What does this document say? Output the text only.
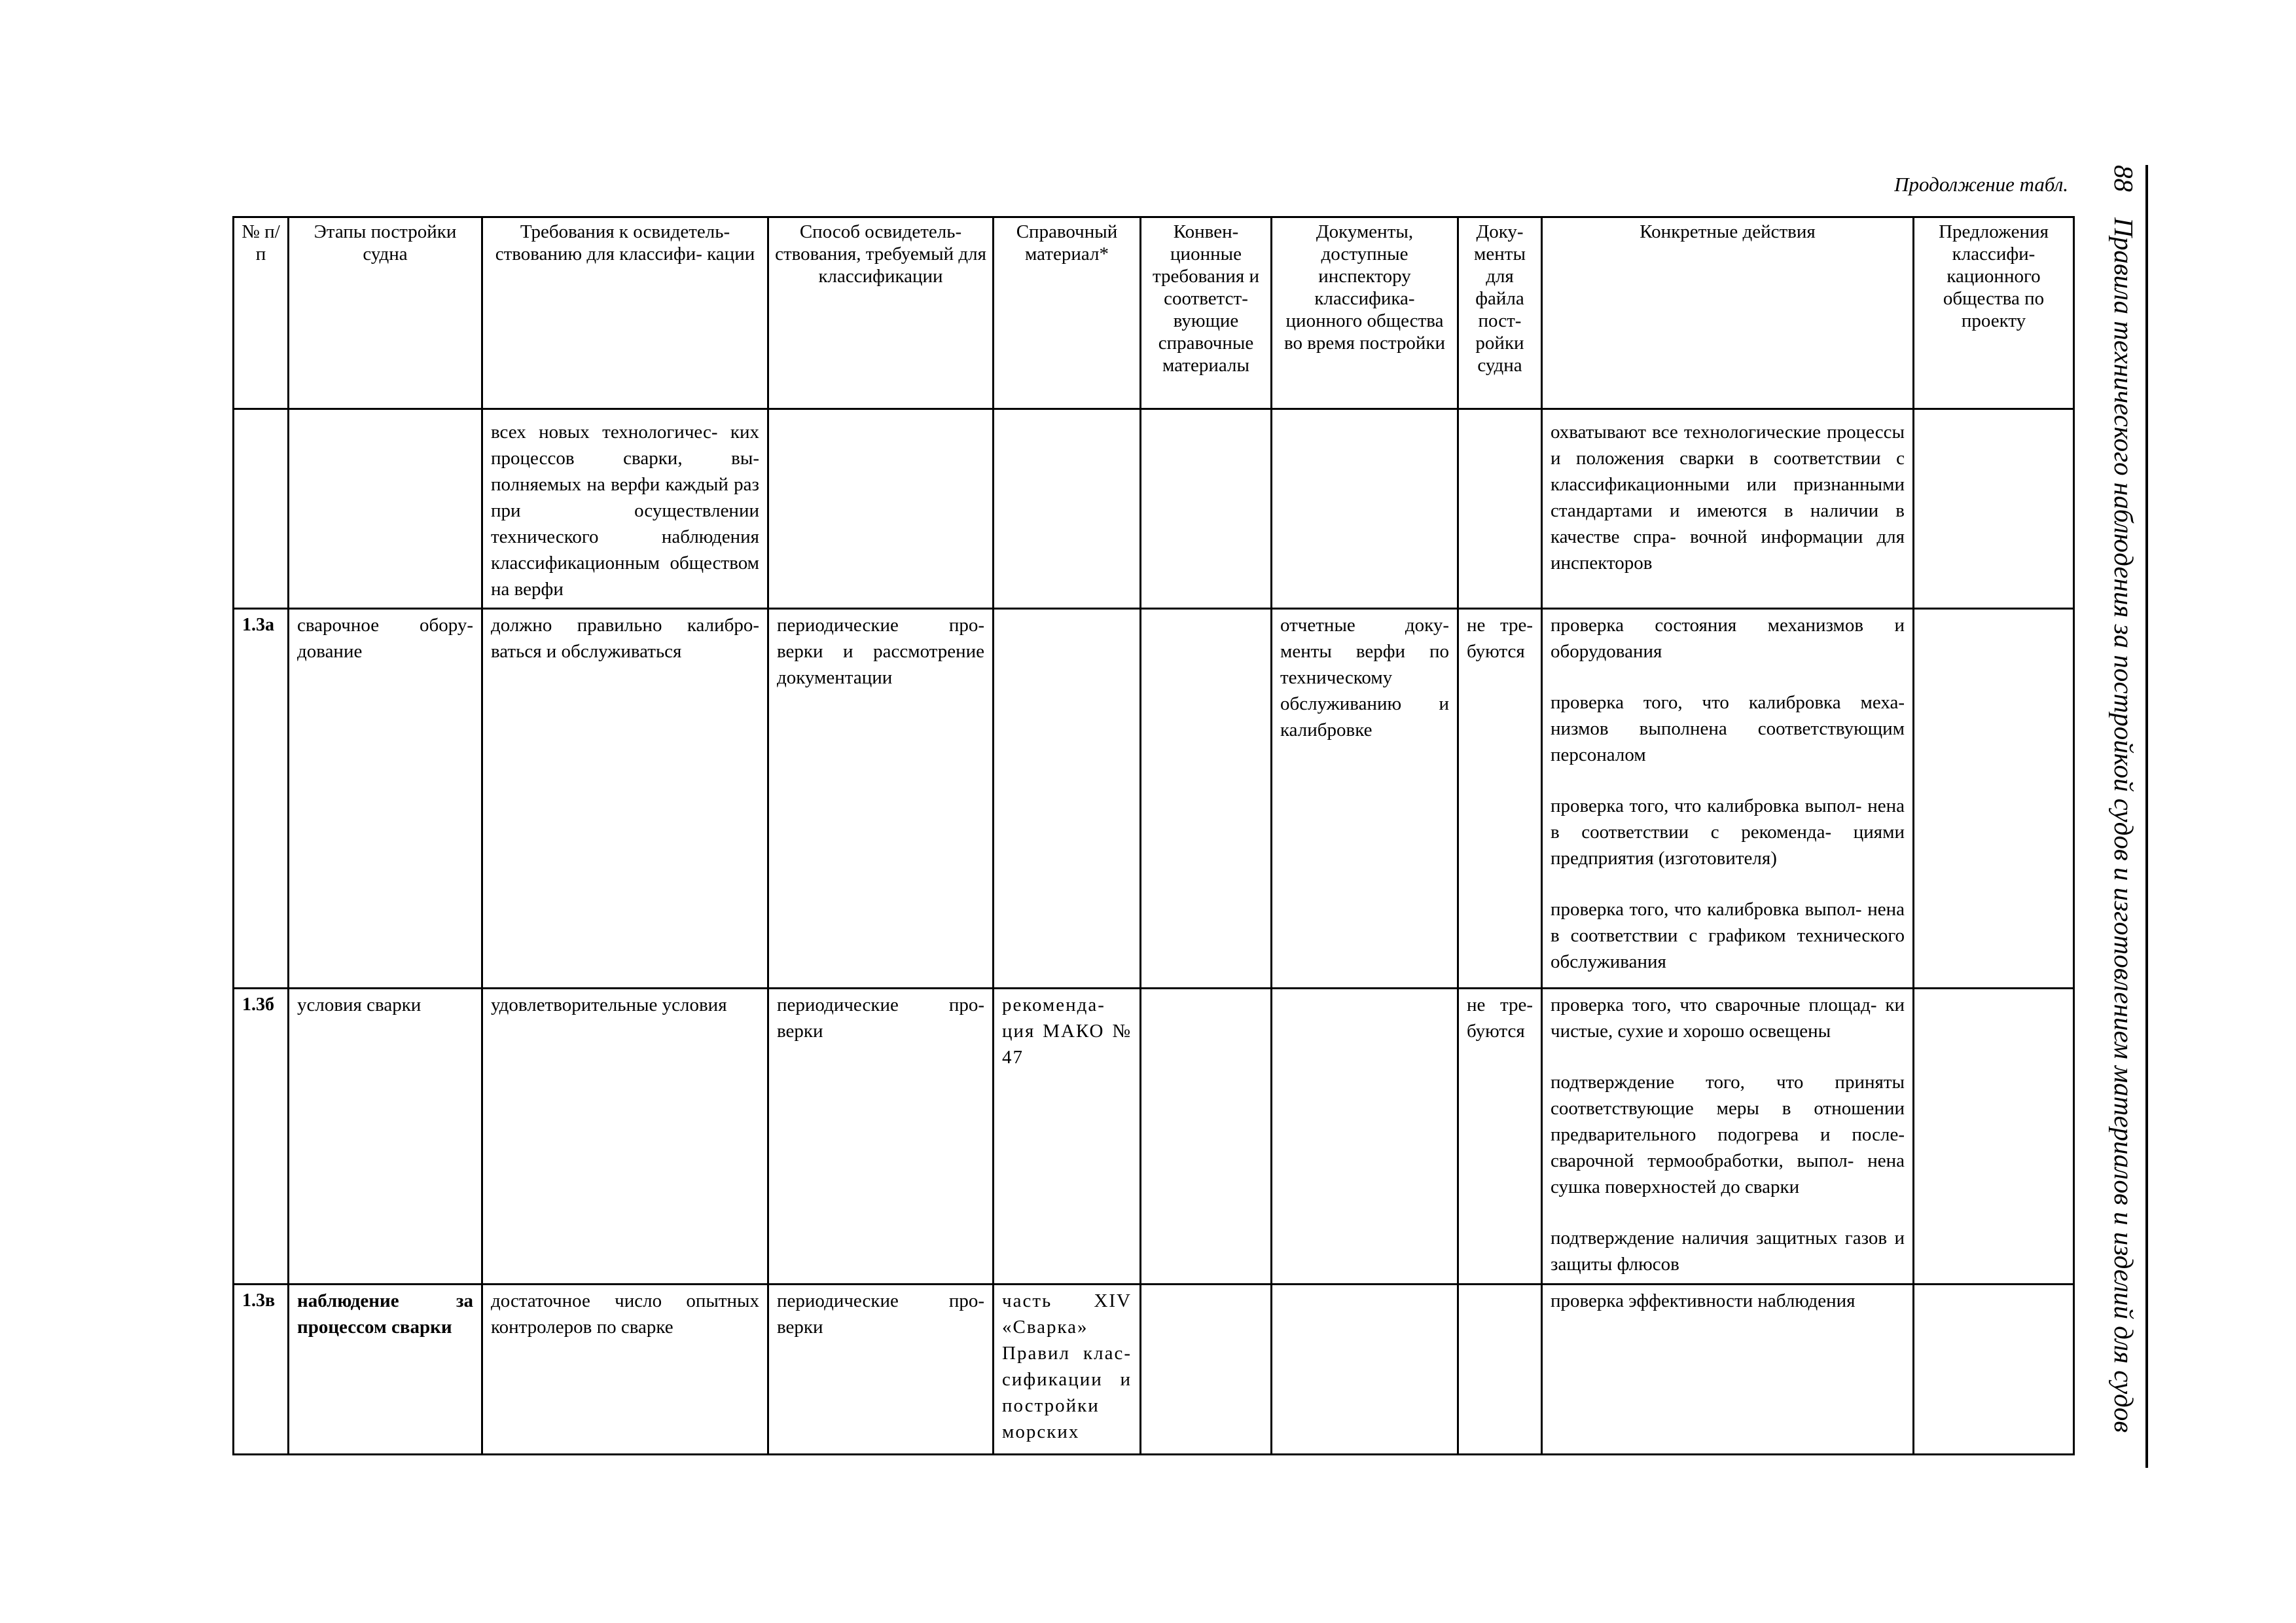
Продолжение табл. 88 Правила технического наблюдения за постройкой судов и изготовлением материалов и изделий для судов
№ п/п	Этапы постройки судна	Требования к освидетель- ствованию для классифи- кации	Способ освидетель- ствования, требуемый для классификации	Справочный материал*	Конвен- ционные требования и соответст- вующие справочные материалы	Документы, доступные инспектору классифика- ционного общества во время постройки	Доку- менты для файла пост- ройки судна	Конкретные действия	Предложения классифи- кационного общества по проекту
		всех новых технологичес- ких процессов сварки, вы- полняемых на верфи каждый раз при осуществлении технического наблюдения классификационным обществом на верфи						охватывают все технологические процессы и положения сварки в соответствии с классификационными или признанными стандартами и имеются в наличии в качестве спра- вочной информации для инспекторов	

1.3а	сварочное обору- дование	должно правильно калибро- ваться и обслуживаться	периодические про- верки и рассмотрение документации			отчетные доку- менты верфи по техническому обслуживанию и калибровке	не тре- буются	проверка состояния механизмов и оборудования
проверка того, что калибровка меха- низмов выполнена соответствующим персоналом
проверка того, что калибровка выпол- нена в соответствии с рекоменда- циями предприятия (изготовителя)
проверка того, что калибровка выпол- нена в соответствии с графиком технического обслуживания	

1.3б	условия сварки	удовлетворительные условия	периодические про- верки	рекоменда- ция МАКО № 47			не тре- буются	проверка того, что сварочные площад- ки чистые, сухие и хорошо освещены
подтверждение того, что приняты соответствующие меры в отношении предварительного подогрева и после- сварочной термообработки, выпол- нена сушка поверхностей до сварки
подтверждение наличия защитных газов и защиты флюсов	

1.3в	наблюдение за процессом сварки	достаточное число опытных контролеров по сварке	периодические про- верки	часть XIV «Сварка» Правил клас- сификации и постройки морских				проверка эффективности наблюдения	
